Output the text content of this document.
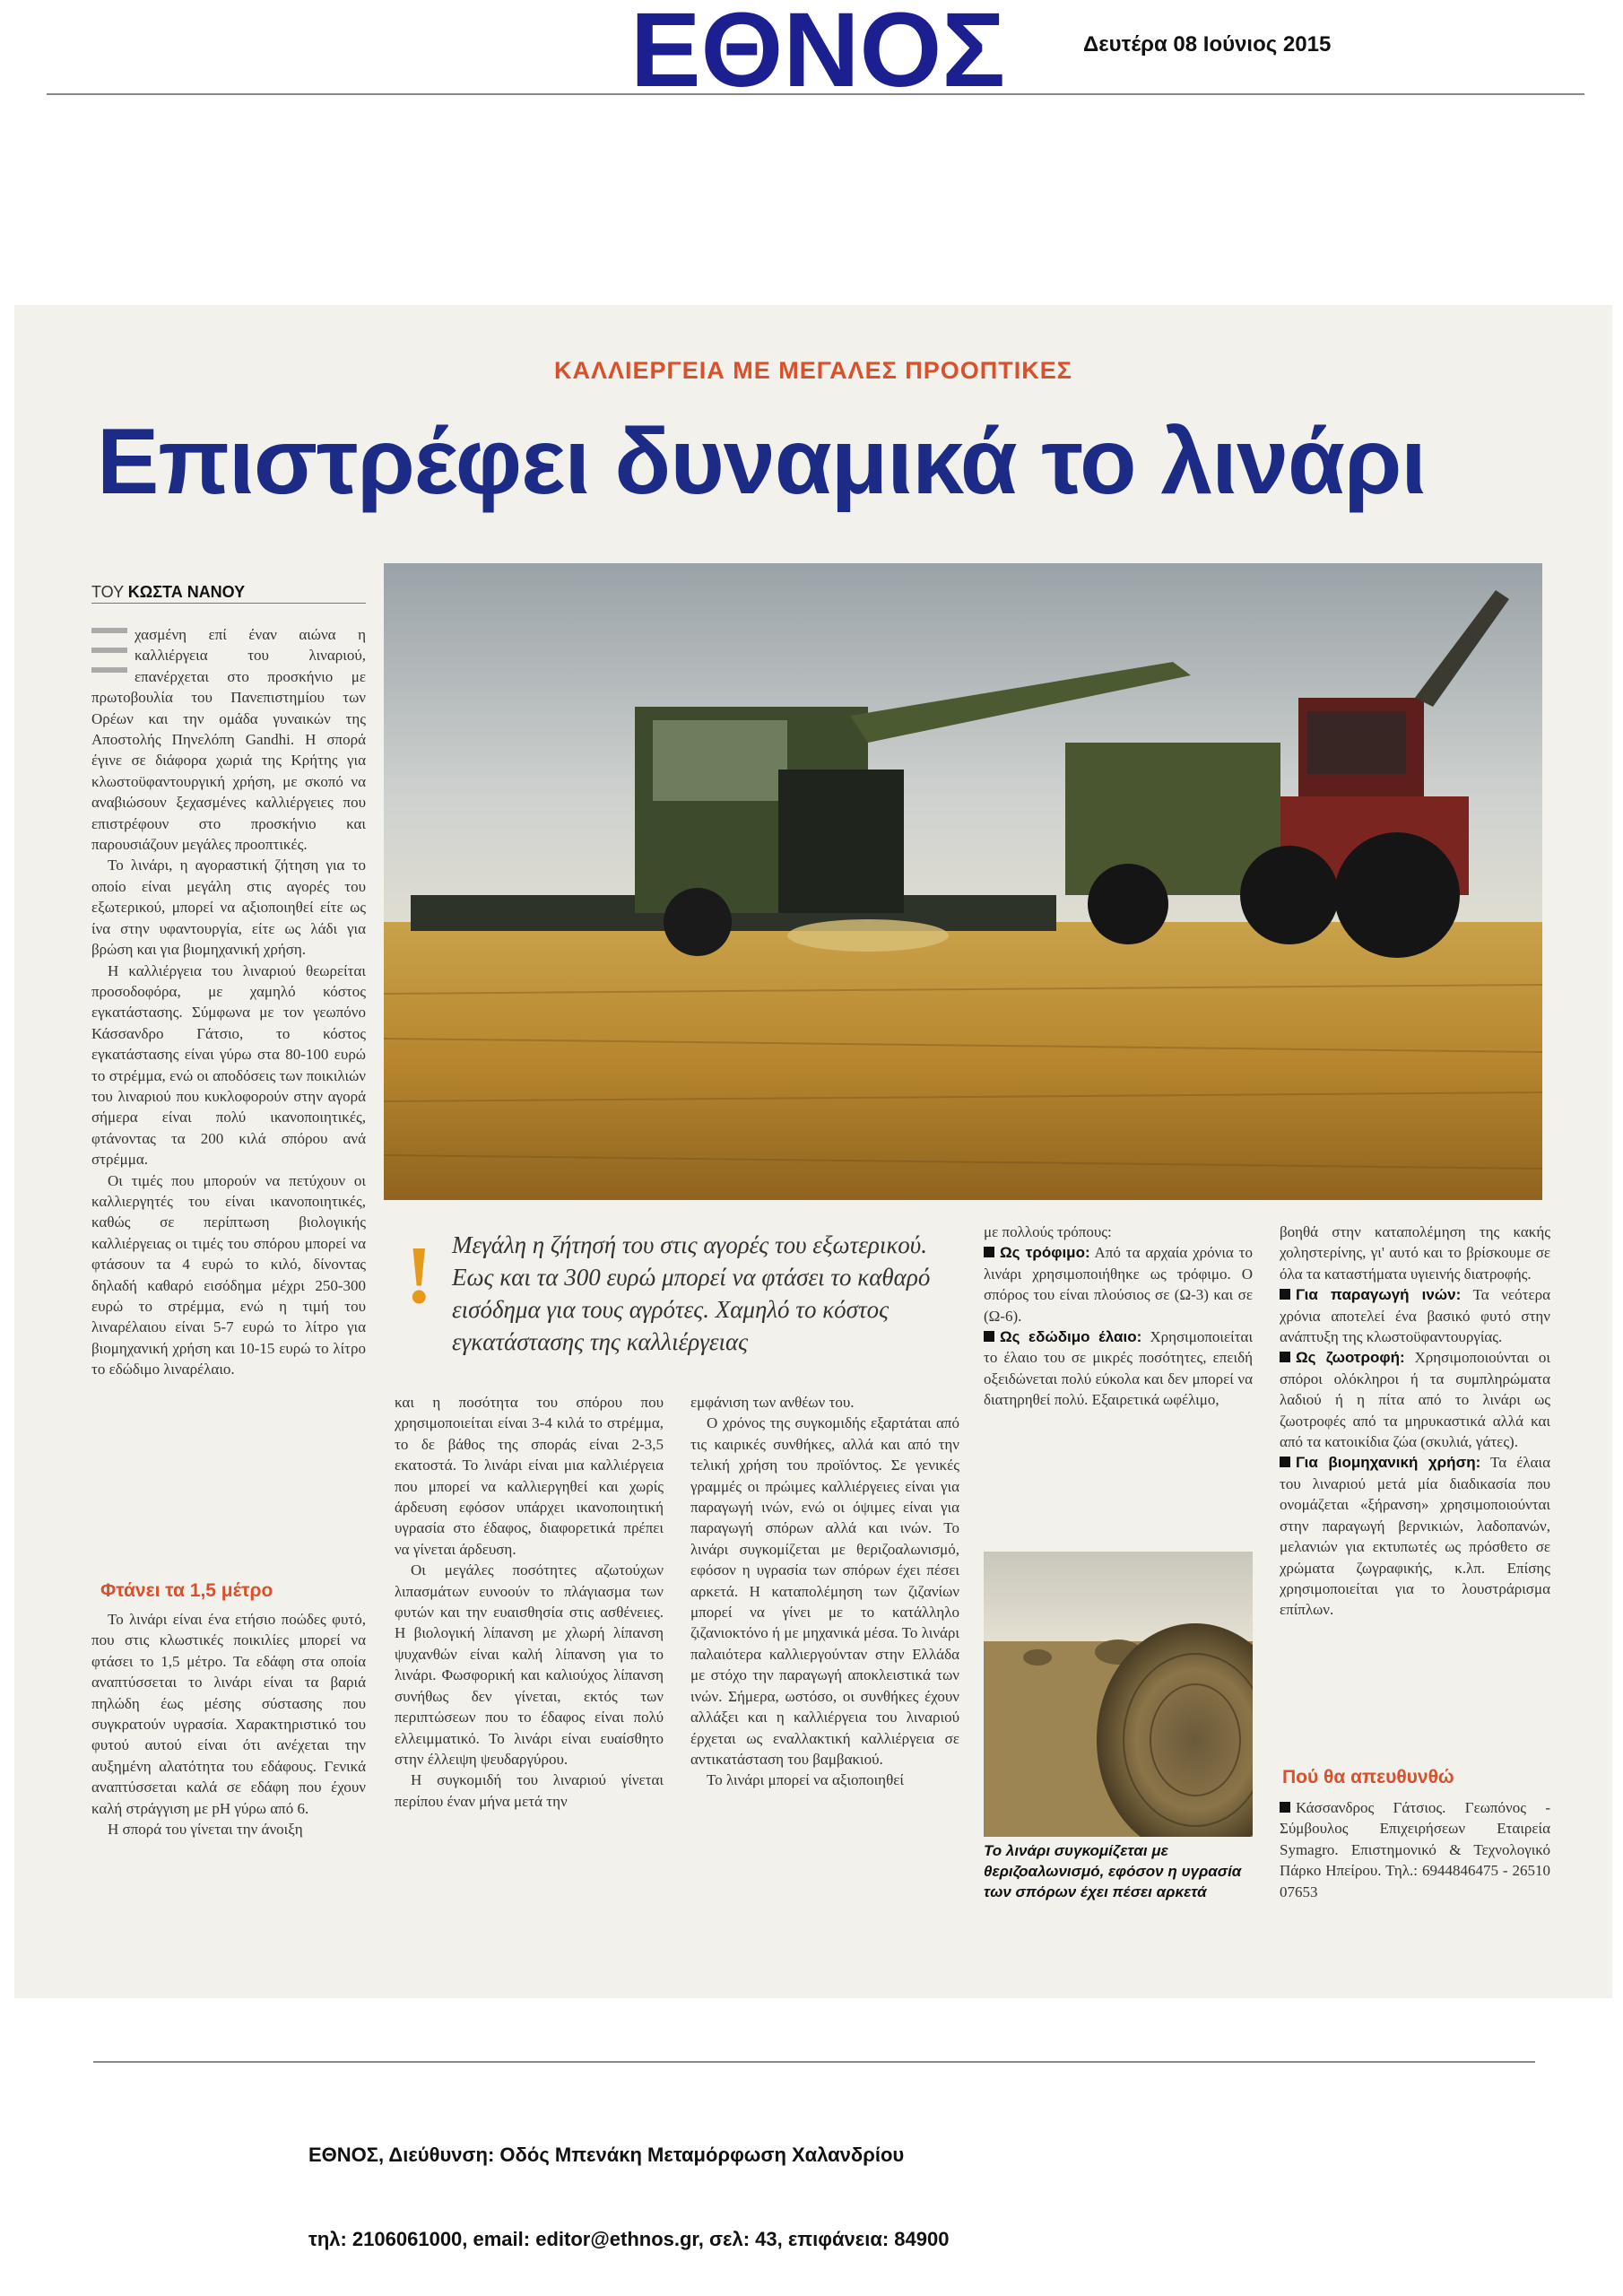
ΕΘΝΟΣ	Δευτέρα 08 Ιούνιος 2015
ΚΑΛΛΙΕΡΓΕΙΑ ΜΕ ΜΕΓΑΛΕΣ ΠΡΟΟΠΤΙΚΕΣ
Επιστρέφει δυναμικά το λινάρι
ΤΟΥ ΚΩΣΤΑ ΝΑΝΟΥ

χασμένη επί έναν αιώνα η καλλιέργεια του λιναριού, επανέρχεται στο προσκήνιο με πρωτοβουλία του Πανεπιστημίου των Ορέων και την ομάδα γυναικών της Αποστολής Πηνελόπη Gandhi. Η σπορά έγινε σε διάφορα χωριά της Κρήτης για κλωστοϋφαντουργική χρήση, με σκοπό να αναβιώσουν ξεχασμένες καλλιέργειες που επιστρέφουν στο προσκήνιο και παρουσιάζουν μεγάλες προοπτικές.

Το λινάρι, η αγοραστική ζήτηση για το οποίο είναι μεγάλη στις αγορές του εξωτερικού, μπορεί να αξιοποιηθεί είτε ως ίνα στην υφαντουργία, είτε ως λάδι για βρώση και για βιομηχανική χρήση.

Η καλλιέργεια του λιναριού θεωρείται προσοδοφόρα, με χαμηλό κόστος εγκατάστασης. Σύμφωνα με τον γεωπόνο Κάσσανδρο Γάτσιο, το κόστος εγκατάστασης είναι γύρω στα 80-100 ευρώ το στρέμμα, ενώ οι αποδόσεις των ποικιλιών του λιναριού που κυκλοφορούν στην αγορά σήμερα είναι πολύ ικανοποιητικές, φτάνοντας τα 200 κιλά σπόρου ανά στρέμμα.

Οι τιμές που μπορούν να πετύχουν οι καλλιεργητές του είναι ικανοποιητικές, καθώς σε περίπτωση βιολογικής καλλιέργειας οι τιμές του σπόρου μπορεί να φτάσουν τα 4 ευρώ το κιλό, δίνοντας δηλαδή καθαρό εισόδημα μέχρι 250-300 ευρώ το στρέμμα, ενώ η τιμή του λιναρέλαιου είναι 5-7 ευρώ το λίτρο για βιομηχανική χρήση και 10-15 ευρώ το λίτρο το εδώδιμο λιναρέλαιο.

Φτάνει τα 1,5 μέτρο

Το λινάρι είναι ένα ετήσιο ποώδες φυτό, που στις κλωστικές ποικιλίες μπορεί να φτάσει το 1,5 μέτρο. Τα εδάφη στα οποία αναπτύσσεται το λινάρι είναι τα βαριά πηλώδη έως μέσης σύστασης που συγκρατούν υγρασία. Χαρακτηριστικό του φυτού αυτού είναι ότι ανέχεται την αυξημένη αλατότητα του εδάφους. Γενικά αναπτύσσεται καλά σε εδάφη που έχουν καλή στράγγιση με pH γύρω από 6.

Η σπορά του γίνεται την άνοιξη

! Μεγάλη η ζήτησή του στις αγορές του εξωτερικού. Εως και τα 300 ευρώ μπορεί να φτάσει το καθαρό εισόδημα για τους αγρότες. Χαμηλό το κόστος εγκατάστασης της καλλιέργειας

και η ποσότητα του σπόρου που χρησιμοποιείται είναι 3-4 κιλά το στρέμμα, το δε βάθος της σποράς είναι 2-3,5 εκατοστά. Το λινάρι είναι μια καλλιέργεια που μπορεί να καλλιεργηθεί και χωρίς άρδευση εφόσον υπάρχει ικανοποιητική υγρασία στο έδαφος, διαφορετικά πρέπει να γίνεται άρδευση.

Οι μεγάλες ποσότητες αζωτούχων λιπασμάτων ευνοούν το πλάγιασμα των φυτών και την ευαισθησία στις ασθένειες. Η βιολογική λίπανση με χλωρή λίπανση ψυχανθών είναι καλή λίπανση για το λινάρι. Φωσφορική και καλιούχος λίπανση συνήθως δεν γίνεται, εκτός των περιπτώσεων που το έδαφος είναι πολύ ελλειμματικό. Το λινάρι είναι ευαίσθητο στην έλλειψη ψευδαργύρου.

Η συγκομιδή του λιναριού γίνεται περίπου έναν μήνα μετά την

εμφάνιση των ανθέων του.

Ο χρόνος της συγκομιδής εξαρτάται από τις καιρικές συνθήκες, αλλά και από την τελική χρήση του προϊόντος. Σε γενικές γραμμές οι πρώιμες καλλιέργειες είναι για παραγωγή ινών, ενώ οι όψιμες είναι για παραγωγή σπόρων αλλά και ινών. Το λινάρι συγκομίζεται με θεριζοαλωνισμό, εφόσον η υγρασία των σπόρων έχει πέσει αρκετά. Η καταπολέμηση των ζιζανίων μπορεί να γίνει με το κατάλληλο ζιζανιοκτόνο ή με μηχανικά μέσα. Το λινάρι παλαιότερα καλλιεργούνταν στην Ελλάδα με στόχο την παραγωγή αποκλειστικά των ινών. Σήμερα, ωστόσο, οι συνθήκες έχουν αλλάξει και η καλλιέργεια του λιναριού έρχεται ως εναλλακτική καλλιέργεια σε αντικατάσταση του βαμβακιού.

Το λινάρι μπορεί να αξιοποιηθεί

με πολλούς τρόπους:

Ως τρόφιμο: Από τα αρχαία χρόνια το λινάρι χρησιμοποιήθηκε ως τρόφιμο. Ο σπόρος του είναι πλούσιος σε (Ω-3) και σε (Ω-6).

Ως εδώδιμο έλαιο: Χρησιμοποιείται το έλαιο του σε μικρές ποσότητες, επειδή οξειδώνεται πολύ εύκολα και δεν μπορεί να διατηρηθεί πολύ. Εξαιρετικά ωφέλιμο,

Το λινάρι συγκομίζεται με θεριζοαλωνισμό, εφόσον η υγρασία των σπόρων έχει πέσει αρκετά

βοηθά στην καταπολέμηση της κακής χοληστερίνης, γι' αυτό και το βρίσκουμε σε όλα τα καταστήματα υγιεινής διατροφής.

Για παραγωγή ινών: Τα νεότερα χρόνια αποτελεί ένα βασικό φυτό στην ανάπτυξη της κλωστοϋφαντουργίας.

Ως ζωοτροφή: Χρησιμοποιούνται οι σπόροι ολόκληροι ή τα συμπληρώματα λαδιού ή η πίτα από το λινάρι ως ζωοτροφές από τα μηρυκαστικά αλλά και από τα κατοικίδια ζώα (σκυλιά, γάτες).

Για βιομηχανική χρήση: Τα έλαια του λιναριού μετά μία διαδικασία που ονομάζεται «ξήρανση» χρησιμοποιούνται στην παραγωγή βερνικιών, λαδοπανών, μελανιών για εκτυπωτές ως πρόσθετο σε χρώματα ζωγραφικής, κ.λπ. Επίσης χρησιμοποιείται για το λουστράρισμα επίπλων.

Πού θα απευθυνθώ

Κάσσανδρος Γάτσιος. Γεωπόνος - Σύμβουλος Επιχειρήσεων Εταιρεία Symagro. Επιστημονικό & Τεχνολογικό Πάρκο Ηπείρου. Τηλ.: 6944846475 - 26510 07653

ΕΘΝΟΣ, Διεύθυνση: Οδός Μπενάκη Μεταμόρφωση Χαλανδρίου
τηλ: 2106061000, email: editor@ethnos.gr, σελ: 43, επιφάνεια: 84900
